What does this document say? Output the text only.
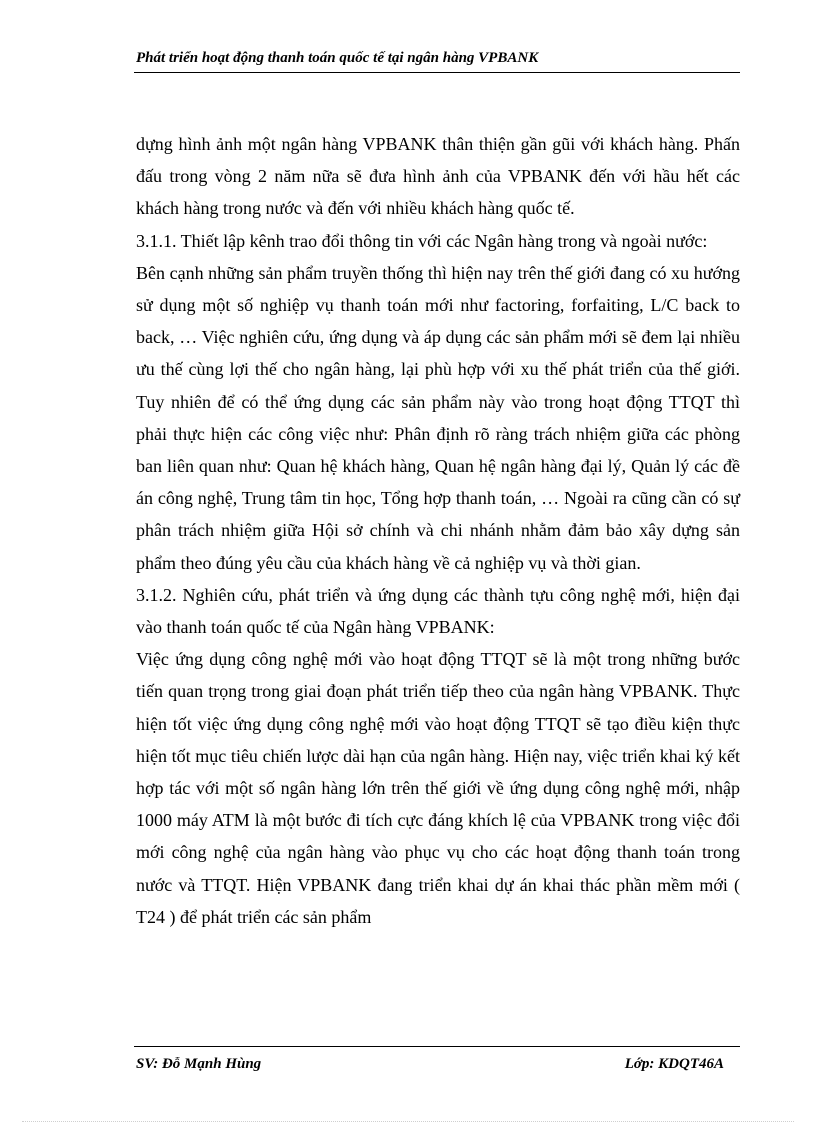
Phát triển hoạt động thanh toán quốc tế tại ngân hàng VPBANK

dựng hình ảnh một ngân hàng VPBANK thân thiện gần gũi với khách hàng. Phấn đấu trong vòng 2 năm nữa sẽ đưa hình ảnh của VPBANK đến với hầu hết các khách hàng trong nước và đến với nhiều khách hàng quốc tế.

3.1.1. Thiết lập kênh trao đổi thông tin với các Ngân hàng trong và ngoài nước:

Bên cạnh những sản phẩm truyền thống thì hiện nay trên thế giới đang có xu hướng sử dụng một số nghiệp vụ thanh toán mới như factoring, forfaiting, L/C back to back, … Việc nghiên cứu, ứng dụng và áp dụng các sản phẩm mới sẽ đem lại nhiều ưu thế cùng lợi thế cho ngân hàng, lại phù hợp với xu thế phát triển của thế giới. Tuy nhiên để có thể ứng dụng các sản phẩm này vào trong hoạt động TTQT thì phải thực hiện các công việc như: Phân định rõ ràng trách nhiệm giữa các phòng ban liên quan như: Quan hệ khách hàng, Quan hệ ngân hàng đại lý, Quản lý các đề án công nghệ, Trung tâm tin học, Tổng hợp thanh toán, … Ngoài ra cũng cần có sự phân trách nhiệm giữa Hội sở chính và chi nhánh nhằm đảm bảo xây dựng sản phẩm theo đúng yêu cầu của khách hàng về cả nghiệp vụ và thời gian.

3.1.2. Nghiên cứu, phát triển và ứng dụng các thành tựu công nghệ mới, hiện đại vào thanh toán quốc tế của Ngân hàng VPBANK:

Việc ứng dụng công nghệ mới vào hoạt động TTQT sẽ là một trong những bước tiến quan trọng trong giai đoạn phát triển tiếp theo của ngân hàng VPBANK. Thực hiện tốt việc ứng dụng công nghệ mới vào hoạt động TTQT sẽ tạo điều kiện thực hiện tốt mục tiêu chiến lược dài hạn của ngân hàng. Hiện nay, việc triển khai ký kết hợp tác với một số ngân hàng lớn trên thế giới về ứng dụng công nghệ mới, nhập 1000 máy ATM là một bước đi tích cực đáng khích lệ của VPBANK trong việc đổi mới công nghệ của ngân hàng vào phục vụ cho các hoạt động thanh toán trong nước và TTQT. Hiện VPBANK đang triển khai dự án khai thác phần mềm mới ( T24 ) để phát triển các sản phẩm

SV: Đỗ Mạnh Hùng	Lớp: KDQT46A
